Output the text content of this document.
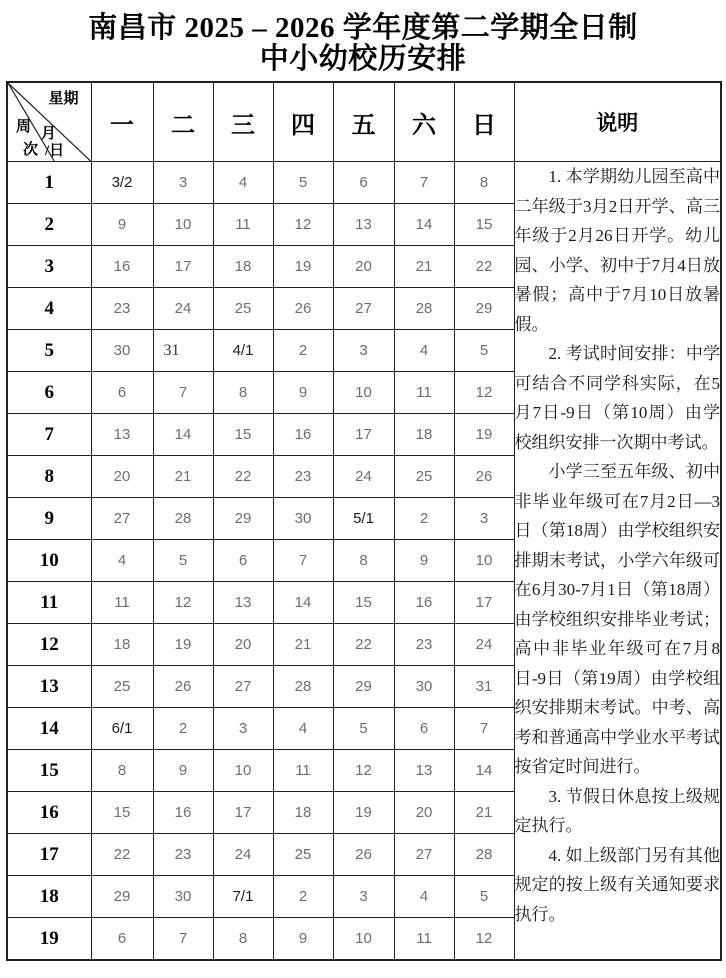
南昌市 2025 – 2026 学年度第二学期全日制
中小幼校历安排
星期
周 月
次 /日	一	二	三	四	五	六	日	说明
1	3/2	3	4	5	6	7	8	1. 本学期幼儿园至高中二年级于3月2日开学、高三年级于2月26日开学。幼儿园、小学、初中于7月4日放暑假；高中于7月10日放暑假。

2. 考试时间安排：中学可结合不同学科实际，在5月7日-9日（第10周）由学校组织安排一次期中考试。

小学三至五年级、初中非毕业年级可在7月2日—3日（第18周）由学校组织安排期末考试，小学六年级可在6月30-7月1日（第18周）由学校组织安排毕业考试；高中非毕业年级可在7月8日-9日（第19周）由学校组织安排期末考试。中考、高考和普通高中学业水平考试按省定时间进行。

3. 节假日休息按上级规定执行。

4. 如上级部门另有其他规定的按上级有关通知要求执行。

2	9	10	11	12	13	14	15	
3	16	17	18	19	20	21	22	
4	23	24	25	26	27	28	29	
5	30	31	4/1	2	3	4	5	
6	6	7	8	9	10	11	12	
7	13	14	15	16	17	18	19	
8	20	21	22	23	24	25	26	
9	27	28	29	30	5/1	2	3	
10	4	5	6	7	8	9	10	
11	11	12	13	14	15	16	17	
12	18	19	20	21	22	23	24	
13	25	26	27	28	29	30	31	
14	6/1	2	3	4	5	6	7	
15	8	9	10	11	12	13	14	
16	15	16	17	18	19	20	21	
17	22	23	24	25	26	27	28	
18	29	30	7/1	2	3	4	5	
19	6	7	8	9	10	11	12	
